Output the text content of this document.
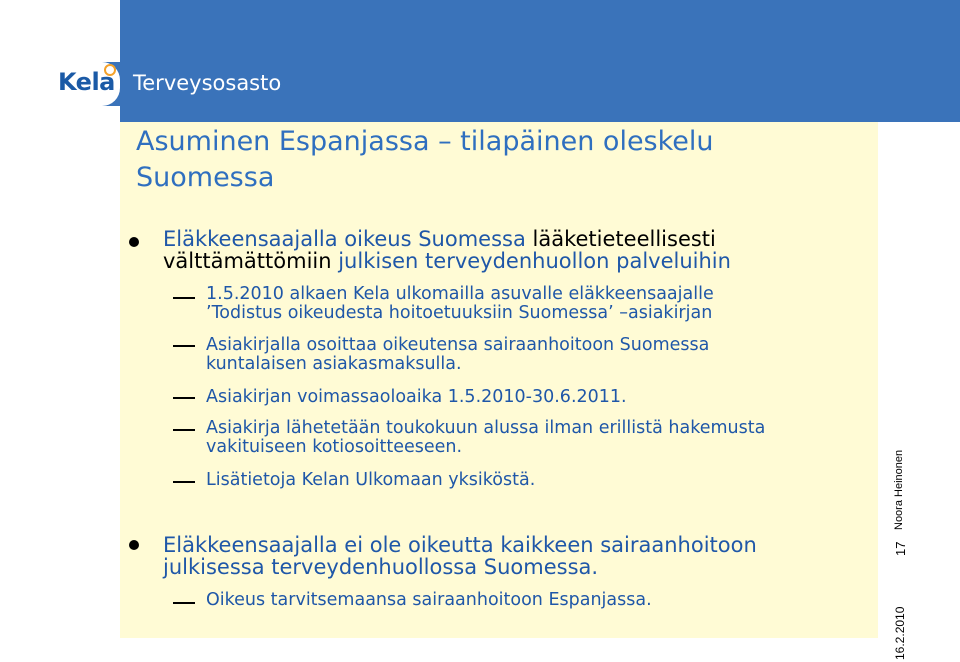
Kela Terveysosasto
Asuminen Espanjassa – tilapäinen oleskelu
Suomessa
Eläkkeensaajalla oikeus Suomessa lääketieteellisesti
välttämättömiin julkisen terveydenhuollon palveluihin
1.5.2010 alkaen Kela ulkomailla asuvalle eläkkeensaajalle
’Todistus oikeudesta hoitoetuuksiin Suomessa’ –asiakirjan
Asiakirjalla osoittaa oikeutensa sairaanhoitoon Suomessa
kuntalaisen asiakasmaksulla.
Asiakirjan voimassaoloaika 1.5.2010-30.6.2011.
Asiakirja lähetetään toukokuun alussa ilman erillistä hakemusta
vakituiseen kotiosoitteeseen.
Lisätietoja Kelan Ulkomaan yksiköstä.
Eläkkeensaajalla ei ole oikeutta kaikkeen sairaanhoitoon
julkisessa terveydenhuollossa Suomessa.
Oikeus tarvitsemaansa sairaanhoitoon Espanjassa.
Noora Heinonen
17
16.2.2010
